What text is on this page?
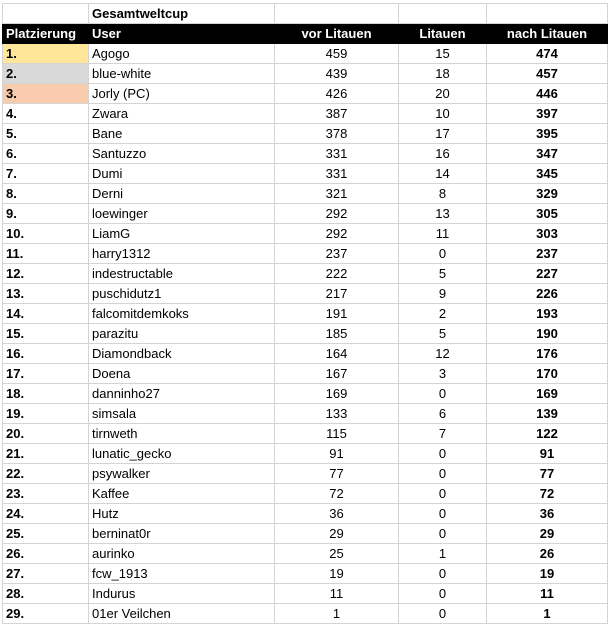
	Gesamtweltcup			
Platzierung	User	vor Litauen	Litauen	nach Litauen
1.	Agogo	459	15	474
2.	blue-white	439	18	457
3.	Jorly (PC)	426	20	446
4.	Zwara	387	10	397
5.	Bane	378	17	395
6.	Santuzzo	331	16	347
7.	Dumi	331	14	345
8.	Derni	321	8	329
9.	loewinger	292	13	305
10.	LiamG	292	11	303
11.	harry1312	237	0	237
12.	indestructable	222	5	227
13.	puschidutz1	217	9	226
14.	falcomitdemkoks	191	2	193
15.	parazitu	185	5	190
16.	Diamondback	164	12	176
17.	Doena	167	3	170
18.	danninho27	169	0	169
19.	simsala	133	6	139
20.	tirnweth	115	7	122
21.	lunatic_gecko	91	0	91
22.	psywalker	77	0	77
23.	Kaffee	72	0	72
24.	Hutz	36	0	36
25.	berninat0r	29	0	29
26.	aurinko	25	1	26
27.	fcw_1913	19	0	19
28.	Indurus	11	0	11
29.	01er Veilchen	1	0	1
